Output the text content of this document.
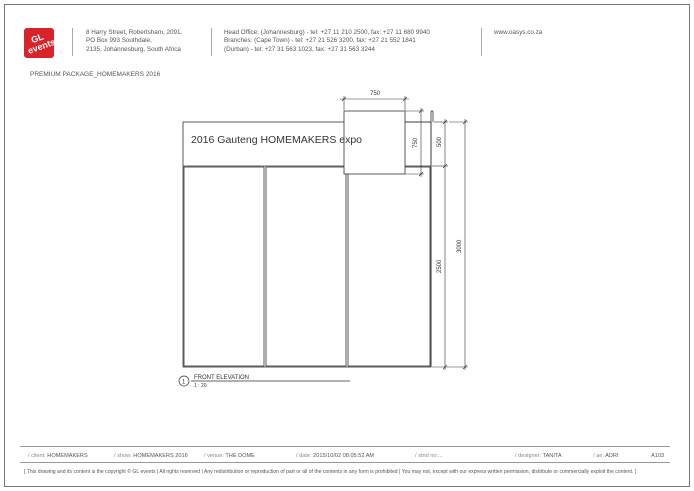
GL events
8 Harry Street, Robertsham, 2091.
PO Box 993 Southdale,
2135, Johannesburg, South Africa
Head Office: (Johannesburg) - tel: +27 11 210 2500, fax: +27 11 680 9940
Branches: (Cape Town) - tel: +27 21 526 3200, fax: +27 21 552 1841
(Durban) - tel: +27 31 563 1023, fax: +27 31 563 3244
www.oasys.co.za
PREMIUM PACKAGE_HOMEMAKERS 2016
2016 Gauteng HOMEMAKERS expo
750
750	500
2500
3000
1
FRONT ELEVATION
1 : 20
/ client: HOMEMAKERS	/ show: HOMEMAKERS 2016	/ venue: THE DOME	/ date: 2015/10/02 08:05:52 AM	/ stnd no:...	/ designer: TANITA	/ ae: ADRI	A103
[ This drawing and its content is the copyright © GL events | All rights reserved | Any redistribution or reproduction of part or all of the contents in any form is prohibited | You may not, except with our express written permission, distribute or commercially exploit the content. ]
